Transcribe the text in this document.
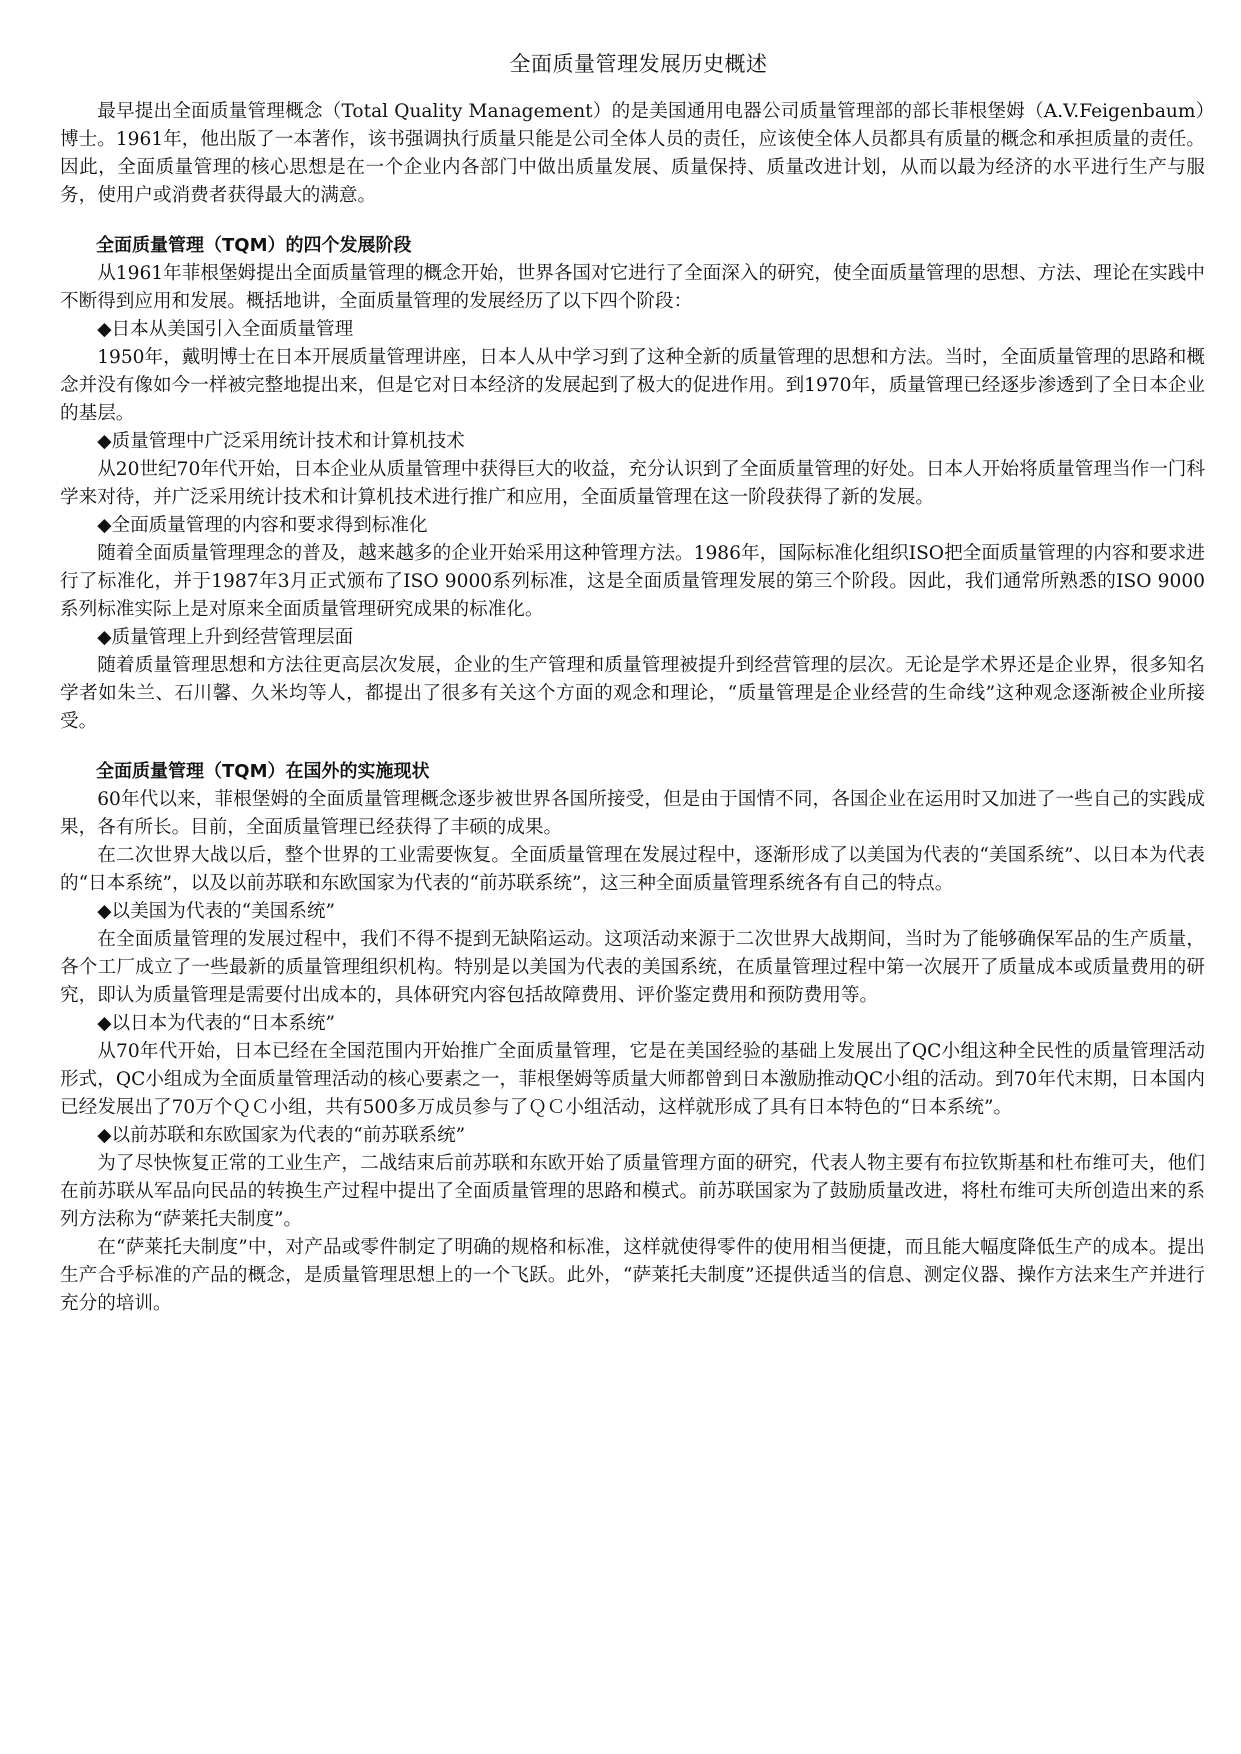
全面质量管理发展历史概述

最早提出全面质量管理概念（Total Quality Management）的是美国通用电器公司质量管理部的部长菲根堡姆（A.V.Feigenbaum）博士。1961年，他出版了一本著作，该书强调执行质量只能是公司全体人员的责任，应该使全体人员都具有质量的概念和承担质量的责任。因此，全面质量管理的核心思想是在一个企业内各部门中做出质量发展、质量保持、质量改进计划，从而以最为经济的水平进行生产与服务，使用户或消费者获得最大的满意。

全面质量管理（TQM）的四个发展阶段

从1961年菲根堡姆提出全面质量管理的概念开始，世界各国对它进行了全面深入的研究，使全面质量管理的思想、方法、理论在实践中不断得到应用和发展。概括地讲，全面质量管理的发展经历了以下四个阶段：

◆日本从美国引入全面质量管理

1950年，戴明博士在日本开展质量管理讲座，日本人从中学习到了这种全新的质量管理的思想和方法。当时，全面质量管理的思路和概念并没有像如今一样被完整地提出来，但是它对日本经济的发展起到了极大的促进作用。到1970年，质量管理已经逐步渗透到了全日本企业的基层。

◆质量管理中广泛采用统计技术和计算机技术

从20世纪70年代开始，日本企业从质量管理中获得巨大的收益，充分认识到了全面质量管理的好处。日本人开始将质量管理当作一门科学来对待，并广泛采用统计技术和计算机技术进行推广和应用，全面质量管理在这一阶段获得了新的发展。

◆全面质量管理的内容和要求得到标准化

随着全面质量管理理念的普及，越来越多的企业开始采用这种管理方法。1986年，国际标准化组织ISO把全面质量管理的内容和要求进行了标准化，并于1987年3月正式颁布了ISO 9000系列标准，这是全面质量管理发展的第三个阶段。因此，我们通常所熟悉的ISO 9000系列标准实际上是对原来全面质量管理研究成果的标准化。

◆质量管理上升到经营管理层面

随着质量管理思想和方法往更高层次发展，企业的生产管理和质量管理被提升到经营管理的层次。无论是学术界还是企业界，很多知名学者如朱兰、石川馨、久米均等人，都提出了很多有关这个方面的观念和理论，“质量管理是企业经营的生命线”这种观念逐渐被企业所接受。

全面质量管理（TQM）在国外的实施现状

60年代以来，菲根堡姆的全面质量管理概念逐步被世界各国所接受，但是由于国情不同，各国企业在运用时又加进了一些自己的实践成果，各有所长。目前，全面质量管理已经获得了丰硕的成果。

在二次世界大战以后，整个世界的工业需要恢复。全面质量管理在发展过程中，逐渐形成了以美国为代表的“美国系统”、以日本为代表的“日本系统”，以及以前苏联和东欧国家为代表的“前苏联系统”，这三种全面质量管理系统各有自己的特点。

◆以美国为代表的“美国系统”

在全面质量管理的发展过程中，我们不得不提到无缺陷运动。这项活动来源于二次世界大战期间，当时为了能够确保军品的生产质量，各个工厂成立了一些最新的质量管理组织机构。特别是以美国为代表的美国系统，在质量管理过程中第一次展开了质量成本或质量费用的研究，即认为质量管理是需要付出成本的，具体研究内容包括故障费用、评价鉴定费用和预防费用等。

◆以日本为代表的“日本系统”

从70年代开始，日本已经在全国范围内开始推广全面质量管理，它是在美国经验的基础上发展出了QC小组这种全民性的质量管理活动形式，QC小组成为全面质量管理活动的核心要素之一，菲根堡姆等质量大师都曾到日本激励推动QC小组的活动。到70年代末期，日本国内已经发展出了70万个ＱＣ小组，共有500多万成员参与了ＱＣ小组活动，这样就形成了具有日本特色的“日本系统”。

◆以前苏联和东欧国家为代表的“前苏联系统”

为了尽快恢复正常的工业生产，二战结束后前苏联和东欧开始了质量管理方面的研究，代表人物主要有布拉钦斯基和杜布维可夫，他们在前苏联从军品向民品的转换生产过程中提出了全面质量管理的思路和模式。前苏联国家为了鼓励质量改进，将杜布维可夫所创造出来的系列方法称为“萨莱托夫制度”。

在“萨莱托夫制度”中，对产品或零件制定了明确的规格和标准，这样就使得零件的使用相当便捷，而且能大幅度降低生产的成本。提出生产合乎标准的产品的概念，是质量管理思想上的一个飞跃。此外，“萨莱托夫制度”还提供适当的信息、测定仪器、操作方法来生产并进行充分的培训。
